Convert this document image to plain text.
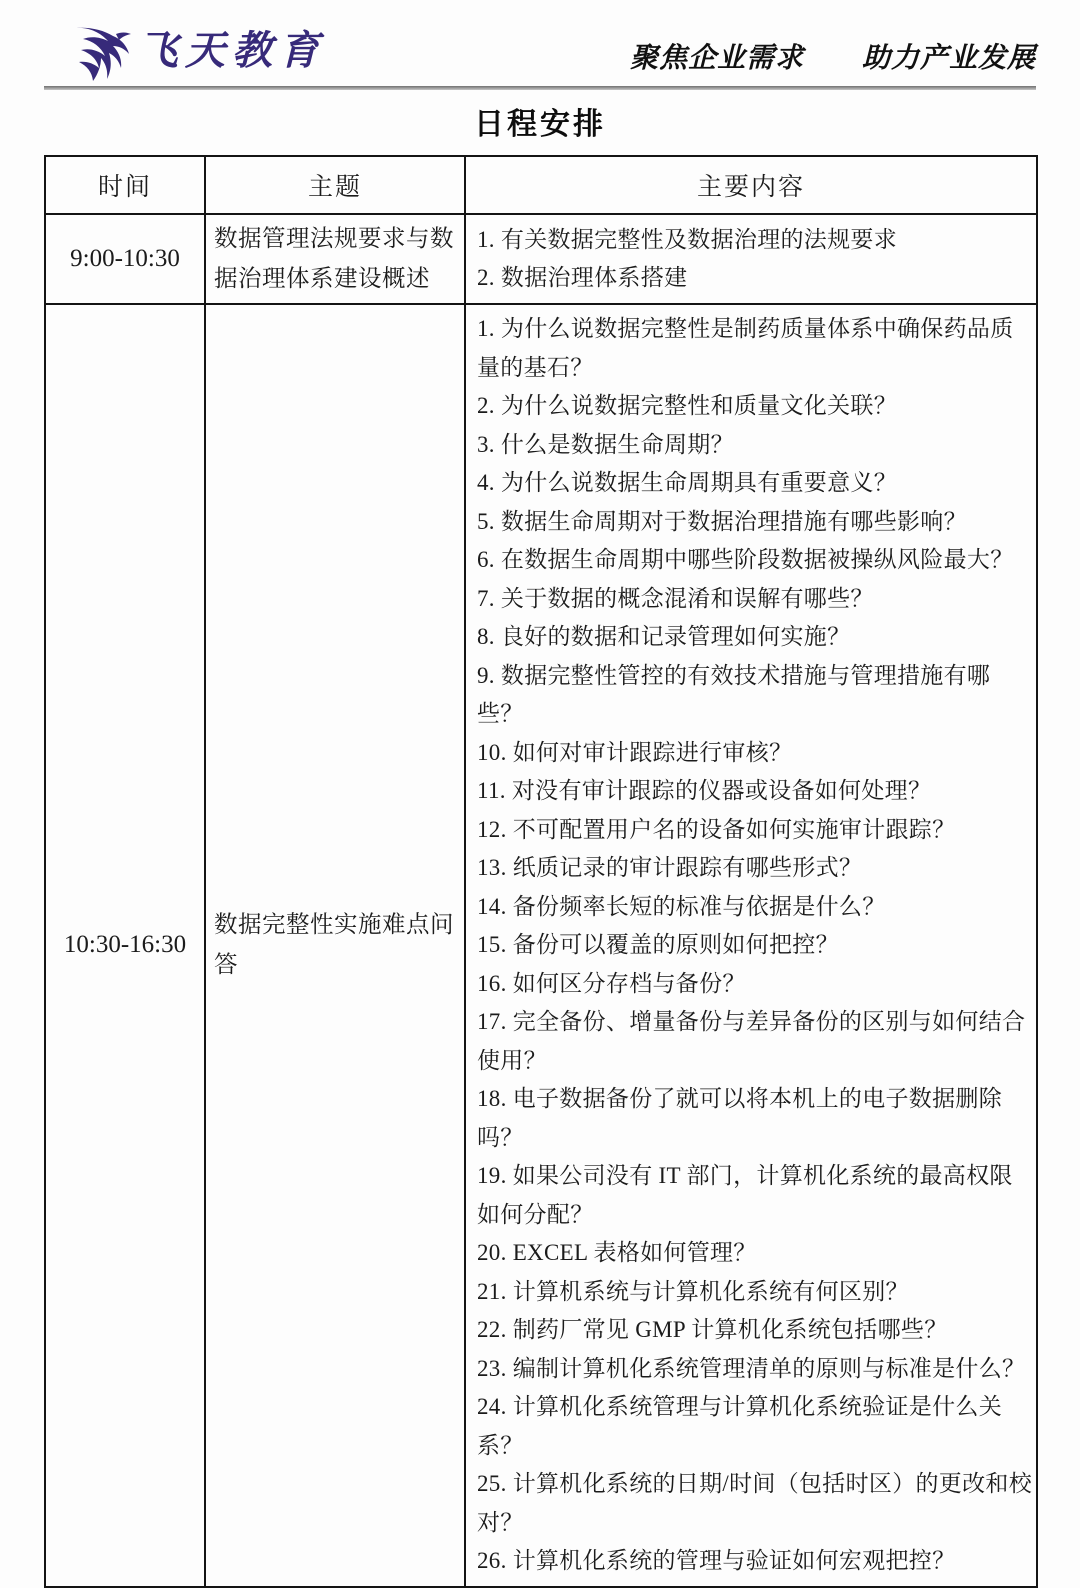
飞天教育	聚焦企业需求 助力产业发展
日程安排
时间	主题	主要内容
9:00-10:30	数据管理法规要求与数据治理体系建设概述	
1. 有关数据完整性及数据治理的法规要求
2. 数据治理体系搭建

10:30-16:30	数据完整性实施难点问答	
1. 为什么说数据完整性是制药质量体系中确保药品质量的基石？
2. 为什么说数据完整性和质量文化关联？
3. 什么是数据生命周期？
4. 为什么说数据生命周期具有重要意义？
5. 数据生命周期对于数据治理措施有哪些影响？
6. 在数据生命周期中哪些阶段数据被操纵风险最大？
7. 关于数据的概念混淆和误解有哪些？
8. 良好的数据和记录管理如何实施？
9. 数据完整性管控的有效技术措施与管理措施有哪些？
10. 如何对审计跟踪进行审核？
11. 对没有审计跟踪的仪器或设备如何处理？
12. 不可配置用户名的设备如何实施审计跟踪？
13. 纸质记录的审计跟踪有哪些形式？
14. 备份频率长短的标准与依据是什么？
15. 备份可以覆盖的原则如何把控？
16. 如何区分存档与备份？
17. 完全备份、增量备份与差异备份的区别与如何结合使用？
18. 电子数据备份了就可以将本机上的电子数据删除吗？
19. 如果公司没有 IT 部门，计算机化系统的最高权限如何分配？
20. EXCEL 表格如何管理？
21. 计算机系统与计算机化系统有何区别？
22. 制药厂常见 GMP 计算机化系统包括哪些？
23. 编制计算机化系统管理清单的原则与标准是什么？
24. 计算机化系统管理与计算机化系统验证是什么关系？
25. 计算机化系统的日期/时间（包括时区）的更改和校对？
26. 计算机化系统的管理与验证如何宏观把控？
